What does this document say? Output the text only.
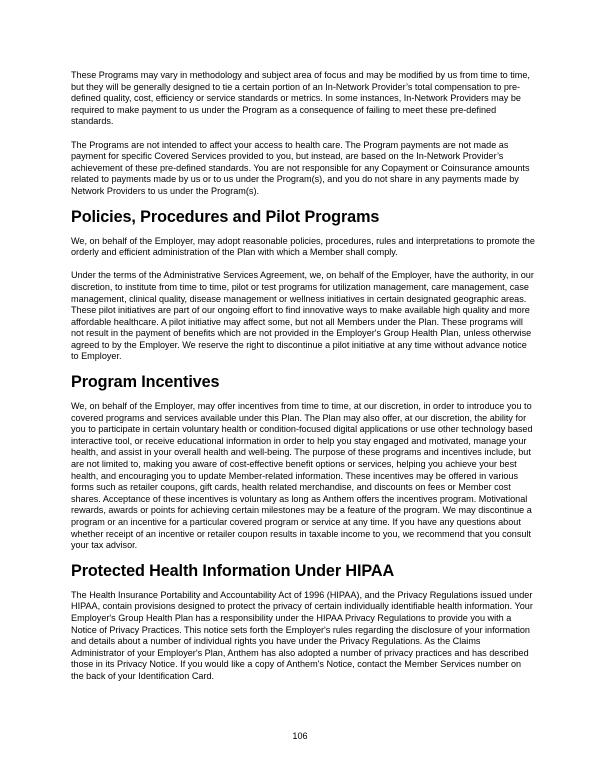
These Programs may vary in methodology and subject area of focus and may be modified by us from time to time, but they will be generally designed to tie a certain portion of an In-Network Provider’s total compensation to pre-defined quality, cost, efficiency or service standards or metrics. In some instances, In-Network Providers may be required to make payment to us under the Program as a consequence of failing to meet these pre-defined standards.

The Programs are not intended to affect your access to health care. The Program payments are not made as payment for specific Covered Services provided to you, but instead, are based on the In-Network Provider’s achievement of these pre-defined standards. You are not responsible for any Copayment or Coinsurance amounts related to payments made by us or to us under the Program(s), and you do not share in any payments made by Network Providers to us under the Program(s).

Policies, Procedures and Pilot Programs

We, on behalf of the Employer, may adopt reasonable policies, procedures, rules and interpretations to promote the orderly and efficient administration of the Plan with which a Member shall comply.

Under the terms of the Administrative Services Agreement, we, on behalf of the Employer, have the authority, in our discretion, to institute from time to time, pilot or test programs for utilization management, care management, case management, clinical quality, disease management or wellness initiatives in certain designated geographic areas. These pilot initiatives are part of our ongoing effort to find innovative ways to make available high quality and more affordable healthcare. A pilot initiative may affect some, but not all Members under the Plan. These programs will not result in the payment of benefits which are not provided in the Employer's Group Health Plan, unless otherwise agreed to by the Employer. We reserve the right to discontinue a pilot initiative at any time without advance notice to Employer.

Program Incentives

We, on behalf of the Employer, may offer incentives from time to time, at our discretion, in order to introduce you to covered programs and services available under this Plan. The Plan may also offer, at our discretion, the ability for you to participate in certain voluntary health or condition-focused digital applications or use other technology based interactive tool, or receive educational information in order to help you stay engaged and motivated, manage your health, and assist in your overall health and well-being. The purpose of these programs and incentives include, but are not limited to, making you aware of cost-effective benefit options or services, helping you achieve your best health, and encouraging you to update Member-related information. These incentives may be offered in various forms such as retailer coupons, gift cards, health related merchandise, and discounts on fees or Member cost shares. Acceptance of these incentives is voluntary as long as Anthem offers the incentives program. Motivational rewards, awards or points for achieving certain milestones may be a feature of the program. We may discontinue a program or an incentive for a particular covered program or service at any time. If you have any questions about whether receipt of an incentive or retailer coupon results in taxable income to you, we recommend that you consult your tax advisor.

Protected Health Information Under HIPAA

The Health Insurance Portability and Accountability Act of 1996 (HIPAA), and the Privacy Regulations issued under HIPAA, contain provisions designed to protect the privacy of certain individually identifiable health information. Your Employer's Group Health Plan has a responsibility under the HIPAA Privacy Regulations to provide you with a Notice of Privacy Practices. This notice sets forth the Employer's rules regarding the disclosure of your information and details about a number of individual rights you have under the Privacy Regulations. As the Claims Administrator of your Employer's Plan, Anthem has also adopted a number of privacy practices and has described those in its Privacy Notice. If you would like a copy of Anthem's Notice, contact the Member Services number on the back of your Identification Card.

106
